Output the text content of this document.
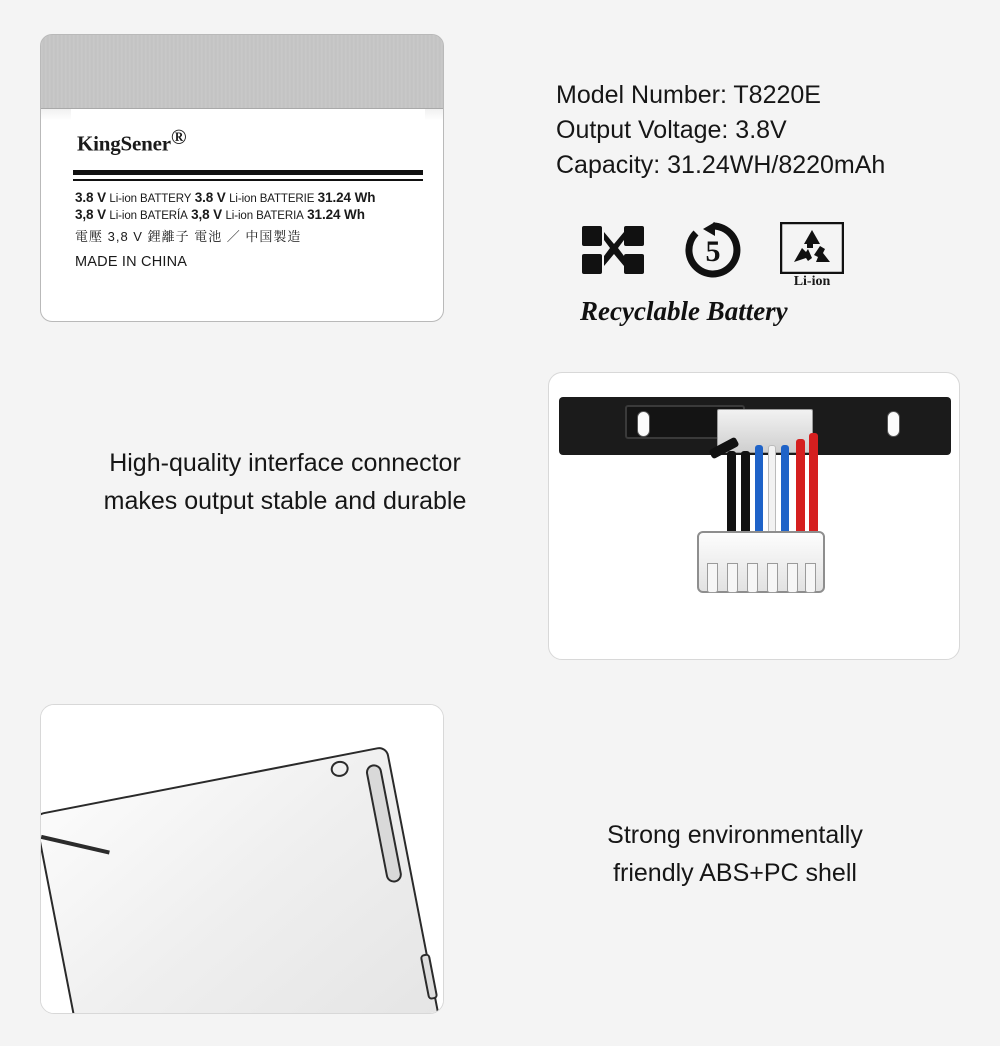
KingSener®
3.8 V Li-ion BATTERY 3.8 V Li-ion BATTERIE 31.24 Wh
3,8 V Li-ion BATERÍA 3,8 V Li-ion BATERIA 31.24 Wh
電壓 3,8 V 鋰離子 電池 ／ 中国製造
MADE IN CHINA
Model Number: T8220E
Output Voltage: 3.8V
Capacity: 31.24WH/8220mAh
5
Li-ion
Recyclable Battery
High-quality interface connector
makes output stable and durable
Strong environmentally
friendly ABS+PC shell
